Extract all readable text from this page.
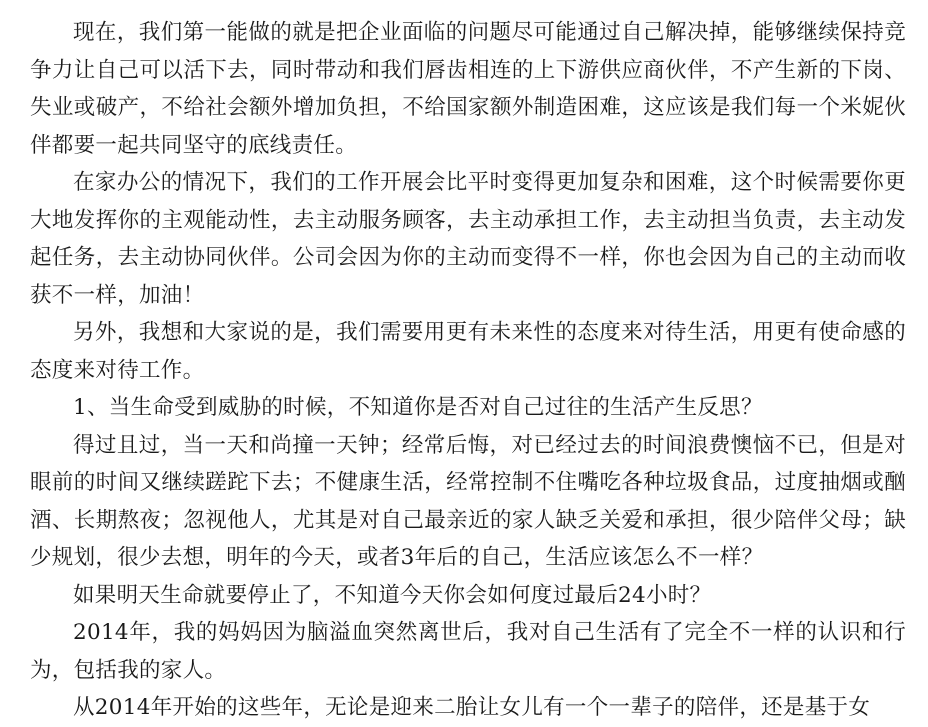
现在，我们第一能做的就是把企业面临的问题尽可能通过自己解决掉，能够继续保持竞争力让自己可以活下去，同时带动和我们唇齿相连的上下游供应商伙伴，不产生新的下岗、失业或破产，不给社会额外增加负担，不给国家额外制造困难，这应该是我们每一个米妮伙伴都要一起共同坚守的底线责任。

在家办公的情况下，我们的工作开展会比平时变得更加复杂和困难，这个时候需要你更大地发挥你的主观能动性，去主动服务顾客，去主动承担工作，去主动担当负责，去主动发起任务，去主动协同伙伴。公司会因为你的主动而变得不一样，你也会因为自己的主动而收获不一样，加油！

另外，我想和大家说的是，我们需要用更有未来性的态度来对待生活，用更有使命感的态度来对待工作。

1、当生命受到威胁的时候，不知道你是否对自己过往的生活产生反思？

得过且过，当一天和尚撞一天钟；经常后悔，对已经过去的时间浪费懊恼不已，但是对眼前的时间又继续蹉跎下去；不健康生活，经常控制不住嘴吃各种垃圾食品，过度抽烟或酗酒、长期熬夜；忽视他人，尤其是对自己最亲近的家人缺乏关爱和承担，很少陪伴父母；缺少规划，很少去想，明年的今天，或者3年后的自己，生活应该怎么不一样？

如果明天生命就要停止了，不知道今天你会如何度过最后24小时？

2014年，我的妈妈因为脑溢血突然离世后，我对自己生活有了完全不一样的认识和行为，包括我的家人。

从2014年开始的这些年，无论是迎来二胎让女儿有一个一辈子的陪伴，还是基于女
